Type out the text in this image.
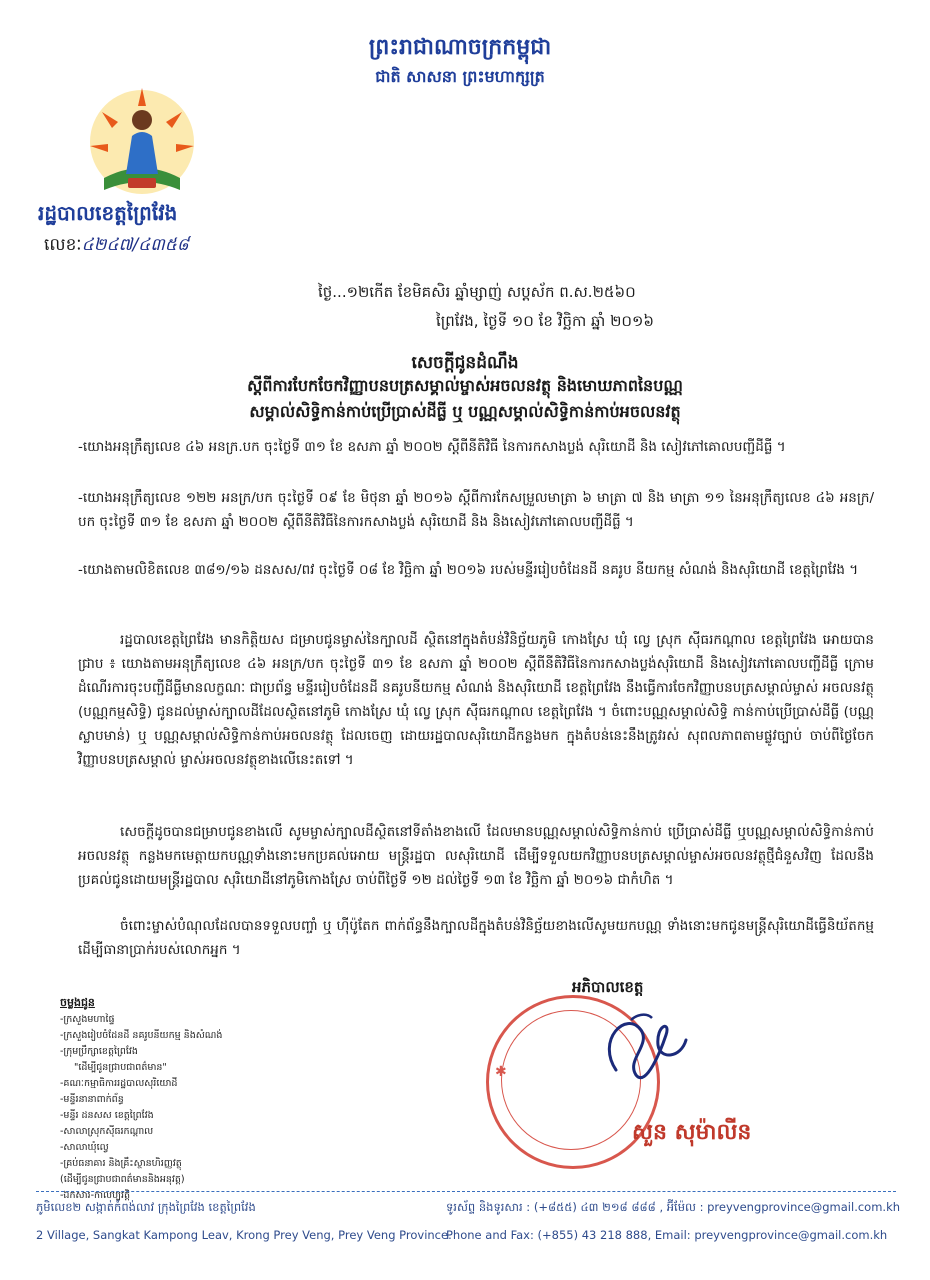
ព្រះរាជាណាចក្រកម្ពុជា
ជាតិ សាសនា ព្រះមហាក្សត្រ
រដ្ឋបាលខេត្តព្រៃវែង
លេខៈ៤២៤៧/៤៣៥៨
ថ្ងៃ...១២កើត ខែមិគសិរ ឆ្នាំម្សាញ់ សប្តស័ក ព.ស.២៥៦០
ព្រៃវែង, ថ្ងៃទី ១០ ខែ វិច្ឆិកា ឆ្នាំ ២០១៦
សេចក្តីជូនដំណឹង
ស្តីពីការបែកចែកវិញ្ញាបនបត្រសម្គាល់ម្ចាស់អចលនវត្ថុ និងមោឃភាពនៃបណ្ណ
សម្គាល់សិទ្ធិកាន់កាប់ប្រើប្រាស់ដីធ្លី ឬ បណ្ណសម្គាល់សិទ្ធិកាន់កាប់អចលនវត្ថុ
-យោងអនុក្រឹត្យលេខ ៤៦ អនក្រ.បក ចុះថ្ងៃទី ៣១ ខែ ឧសភា ឆ្នាំ ២០០២ ស្តីពីនីតិវិធី នៃការកសាងប្លង់ សុរិយោដី និង សៀវភៅគោលបញ្ជីដីធ្លី ។
-យោងអនុក្រឹត្យលេខ ១២២ អនក្រ/បក ចុះថ្ងៃទី ០៩ ខែ មិថុនា ឆ្នាំ ២០១៦ ស្តីពីការកែសម្រួលមាត្រា ៦ មាត្រា ៧ និង មាត្រា ១១ នៃអនុក្រឹត្យលេខ ៤៦ អនក្រ/បក ចុះថ្ងៃទី ៣១ ខែ ឧសភា ឆ្នាំ ២០០២ ស្តីពីនីតិវិធីនៃការកសាងប្លង់ សុរិយោដី និង និងសៀវភៅគោលបញ្ជីដីធ្លី ។
-យោងតាមលិខិតលេខ ៣៨១/១៦ ដនសស/ពវ ចុះថ្ងៃទី ០៨ ខែ វិច្ឆិកា ឆ្នាំ ២០១៦ របស់មន្ទីររៀបចំដែនដី នគរូប នីយកម្ម សំណង់ និងសុរិយោដី ខេត្តព្រៃវែង ។
រដ្ឋបាលខេត្តព្រៃវែង មានកិត្តិយស ជម្រាបជូនម្ចាស់នៃក្បាលដី ស្ថិតនៅក្នុងតំបន់វិនិច្ឆ័យភូមិ កោងស្រែ ឃុំ លេ្វ ស្រុក ស៊ីធរកណ្តាល ខេត្តព្រៃវែង អោយបានជ្រាប ៖ យោងតាមអនុក្រឹត្យលេខ ៤៦ អនក្រ/បក ចុះថ្ងៃទី ៣១ ខែ ឧសភា ឆ្នាំ ២០០២ ស្តីពីនីតិវិធីនៃការកសាងប្លង់សុរិយោដី និងសៀវភៅគោលបញ្ជីដីធ្លី ក្រោមដំណើរការចុះបញ្ជីដីធ្លីមានលក្ខណៈ ជាប្រព័ន្ធ មន្ទីររៀបចំដែនដី នគរូបនីយកម្ម សំណង់ និងសុរិយោដី ខេត្តព្រៃវែង នឹងធ្វើការចែកវិញ្ញាបនបត្រសម្គាល់ម្ចាស់ អចលនវត្ថុ (បណ្ណកម្មសិទ្ធិ) ជូនដល់ម្ចាស់ក្បាលដីដែលស្ថិតនៅភូមិ កោងស្រែ ឃុំ លេ្វ ស្រុក ស៊ីធរកណ្តាល ខេត្តព្រៃវែង ។ ចំពោះបណ្ណសម្គាល់សិទ្ធិ កាន់កាប់ប្រើប្រាស់ដីធ្លី (បណ្ណស្លាបមាន់) ឬ បណ្ណសម្គាល់សិទ្ធិកាន់កាប់អចលនវត្ថុ ដែលចេញ ដោយរដ្ឋបាលសុរិយោដីកន្លងមក ក្នុងតំបន់នេះនឹងត្រូវរស់ សុពលភាពតាមផ្លូវច្បាប់ ចាប់ពីថ្ងៃចែកវិញ្ញាបនបត្រសម្គាល់ ម្ចាស់អចលនវត្ថុខាងលើនេះតទៅ ។
សេចក្តីដូចបានជម្រាបជូនខាងលើ សូមម្ចាស់ក្បាលដីស្ថិតនៅទីតាំងខាងលើ ដែលមានបណ្ណសម្គាល់សិទ្ធិកាន់កាប់ ប្រើប្រាស់ដីធ្លី ឬបណ្ណសម្គាល់សិទ្ធិកាន់កាប់អចលនវត្ថុ កន្លងមកមេត្តាយកបណ្ណទាំងនោះមកប្រគល់អោយ មន្ត្រីរដ្ឋបា លសុរិយោដី ដើម្បីទទួលយកវិញ្ញាបនបត្រសម្គាល់ម្ចាស់អចលនវត្ថុថ្មីជំនួសវិញ ដែលនឹងប្រគល់ជូនដោយមន្ត្រីរដ្ឋបាល សុរិយោដីនៅភូមិកោងស្រែ ចាប់ពីថ្ងៃទី ១២ ដល់ថ្ងៃទី ១៣ ខែ វិច្ឆិកា ឆ្នាំ ២០១៦ ជាកំហិត ។
ចំពោះម្ចាស់បំណុលដែលបានទទួលបញ្ចាំ ឬ ហ៊ីប៉ូតែក ពាក់ព័ន្ធនឹងក្បាលដីក្នុងតំបន់វិនិច្ឆ័យខាងលើសូមយកបណ្ណ ទាំងនោះមកជូនមន្ត្រីសុរិយោដីធ្វើនិយ័តកម្មដើម្បីធានាប្រាក់របស់លោកអ្នក ។
អភិបាលខេត្ត
✱
សួន សុម៉ាលីន
ចម្លងជូន
-ក្រសួងមហាផ្ទៃ
-ក្រសួងរៀបចំដែនដី នគរូបនីយកម្ម និងសំណង់
-ក្រុមប្រឹក្សាខេត្តព្រៃវែង
"ដើម្បីជូនជ្រាបជាពត៌មាន"
-គណៈកម្មាធិការរដ្ឋបាលសុរិយោដី
-មន្ទីរនានាពាក់ព័ន្ធ
-មន្ទីរ ដនសស ខេត្តព្រៃវែង
-សាលាស្រុកស៊ីធរកណ្តាល
-សាលាឃុំលេ្វ
-គ្រប់ធនាគារ និងគ្រឹះស្ថានហិរញ្ញវត្ថុ
(ដើម្បីជូនជ្រាបជាពត៌មាននិងអនុវត្ត)
-ឯកសារ-កាលប្បវត្តិ
ភូមិលេខ២ សង្កាត់កំពង់លាវ ក្រុងព្រៃវែង ខេត្តព្រៃវែង
2 Village, Sangkat Kampong Leav, Krong Prey Veng, Prey Veng Province.
ទូរស័ព្ទ និងទូរសារ : (+៨៥៥) ៤៣ ២១៨ ៨៨៨ , អ៊ីម៉ែល : preyvengprovince@gmail.com.kh
Phone and Fax: (+855) 43 218 888, Email: preyvengprovince@gmail.com.kh
